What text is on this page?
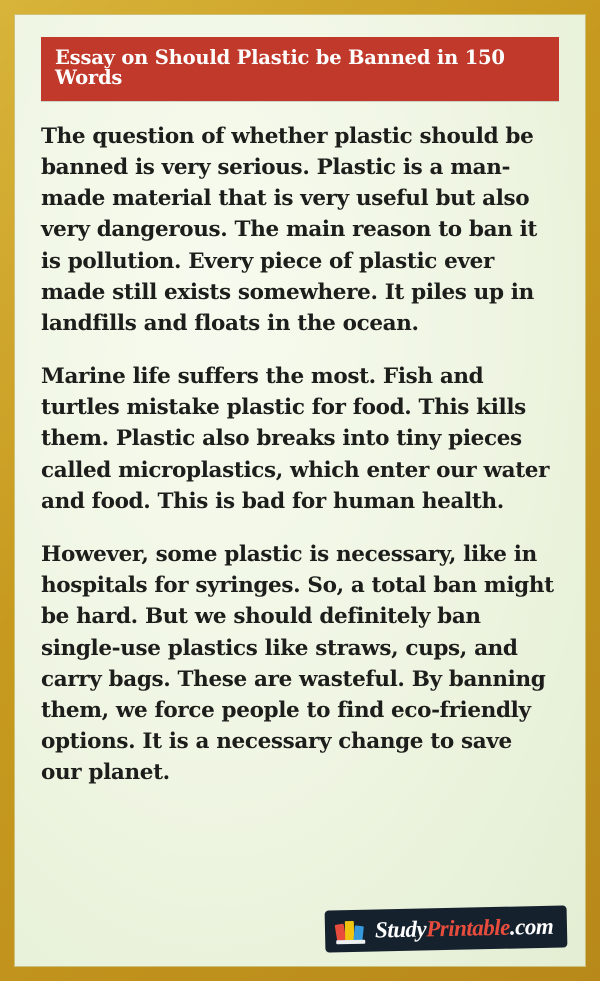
Essay on Should Plastic be Banned in 150 Words

The question of whether plastic should be banned is very serious. Plastic is a man-made material that is very useful but also very dangerous. The main reason to ban it is pollution. Every piece of plastic ever made still exists somewhere. It piles up in landfills and floats in the ocean.

Marine life suffers the most. Fish and turtles mistake plastic for food. This kills them. Plastic also breaks into tiny pieces called microplastics, which enter our water and food. This is bad for human health.

However, some plastic is necessary, like in hospitals for syringes. So, a total ban might be hard. But we should definitely ban single-use plastics like straws, cups, and carry bags. These are wasteful. By banning them, we force people to find eco-friendly options. It is a necessary change to save our planet.

StudyPrintable.com
